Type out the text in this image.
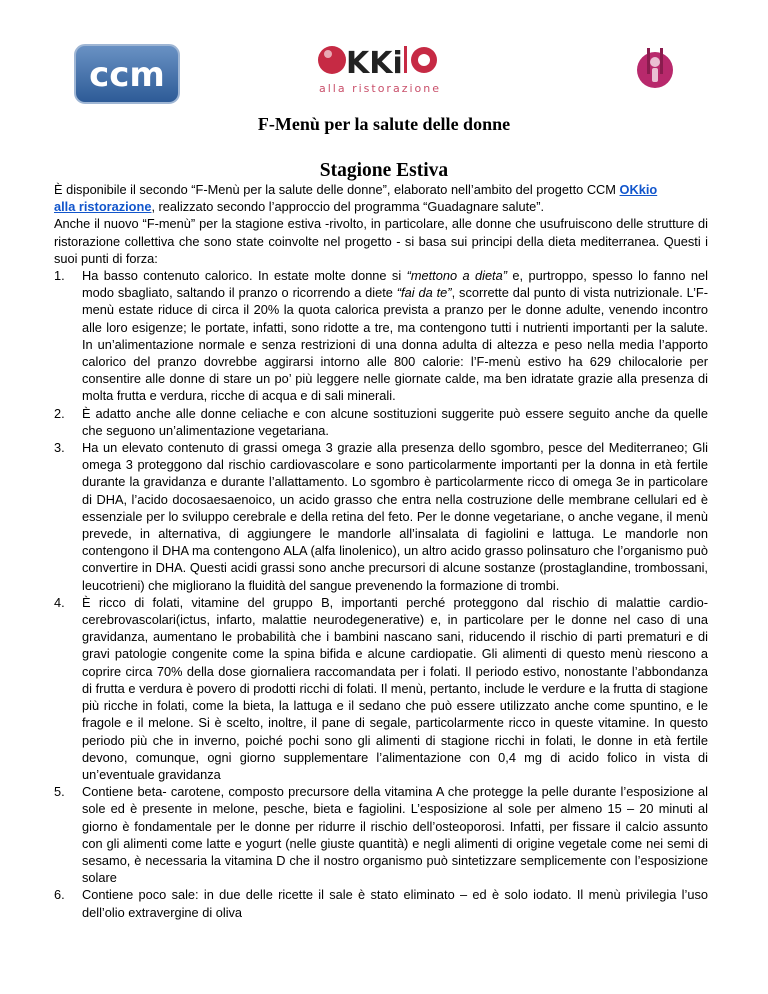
ccm	KKi
alla ristorazione
F-Menù per la salute delle donne
Stagione Estiva

È disponibile il secondo “F-Menù per la salute delle donne”, elaborato nell’ambito del progetto CCM OKkio
alla ristorazione, realizzato secondo l’approccio del programma “Guadagnare salute”.

Anche il nuovo “F-menù” per la stagione estiva -rivolto, in particolare, alle donne che usufruiscono delle strutture di ristorazione collettiva che sono state coinvolte nel progetto - si basa sui principi della dieta mediterranea. Questi i suoi punti di forza:

1. Ha basso contenuto calorico. In estate molte donne si “mettono a dieta” e, purtroppo, spesso lo fanno nel modo sbagliato, saltando il pranzo o ricorrendo a diete “fai da te”, scorrette dal punto di vista nutrizionale. L’F-menù estate riduce di circa il 20% la quota calorica prevista a pranzo per le donne adulte, venendo incontro alle loro esigenze; le portate, infatti, sono ridotte a tre, ma contengono tutti i nutrienti importanti per la salute. In un’alimentazione normale e senza restrizioni di una donna adulta di altezza e peso nella media l’apporto calorico del pranzo dovrebbe aggirarsi intorno alle 800 calorie: l’F-menù estivo ha 629 chilocalorie per consentire alle donne di stare un po’ più leggere nelle giornate calde, ma ben idratate grazie alla presenza di molta frutta e verdura, ricche di acqua e di sali minerali.
2. È adatto anche alle donne celiache e con alcune sostituzioni suggerite può essere seguito anche da quelle che seguono un’alimentazione vegetariana.
3. Ha un elevato contenuto di grassi omega 3 grazie alla presenza dello sgombro, pesce del Mediterraneo; Gli omega 3 proteggono dal rischio cardiovascolare e sono particolarmente importanti per la donna in età fertile durante la gravidanza e durante l’allattamento. Lo sgombro è particolarmente ricco di omega 3e in particolare di DHA, l’acido docosaesaenoico, un acido grasso che entra nella costruzione delle membrane cellulari ed è essenziale per lo sviluppo cerebrale e della retina del feto. Per le donne vegetariane, o anche vegane, il menù prevede, in alternativa, di aggiungere le mandorle all’insalata di fagiolini e lattuga. Le mandorle non contengono il DHA ma contengono ALA (alfa linolenico), un altro acido grasso polinsaturo che l’organismo può convertire in DHA. Questi acidi grassi sono anche precursori di alcune sostanze (prostaglandine, trombossani, leucotrieni) che migliorano la fluidità del sangue prevenendo la formazione di trombi.
4. È ricco di folati, vitamine del gruppo B, importanti perché proteggono dal rischio di malattie cardio-cerebrovascolari(ictus, infarto, malattie neurodegenerative) e, in particolare per le donne nel caso di una gravidanza, aumentano le probabilità che i bambini nascano sani, riducendo il rischio di parti prematuri e di gravi patologie congenite come la spina bifida e alcune cardiopatie. Gli alimenti di questo menù riescono a coprire circa 70% della dose giornaliera raccomandata per i folati. Il periodo estivo, nonostante l’abbondanza di frutta e verdura è povero di prodotti ricchi di folati. Il menù, pertanto, include le verdure e la frutta di stagione più ricche in folati, come la bieta, la lattuga e il sedano che può essere utilizzato anche come spuntino, e le fragole e il melone. Si è scelto, inoltre, il pane di segale, particolarmente ricco in queste vitamine. In questo periodo più che in inverno, poiché pochi sono gli alimenti di stagione ricchi in folati, le donne in età fertile devono, comunque, ogni giorno supplementare l’alimentazione con 0,4 mg di acido folico in vista di un’eventuale gravidanza
5. Contiene beta- carotene, composto precursore della vitamina A che protegge la pelle durante l’esposizione al sole ed è presente in melone, pesche, bieta e fagiolini. L’esposizione al sole per almeno 15 – 20 minuti al giorno è fondamentale per le donne per ridurre il rischio dell’osteoporosi. Infatti, per fissare il calcio assunto con gli alimenti come latte e yogurt (nelle giuste quantità) e negli alimenti di origine vegetale come nei semi di sesamo, è necessaria la vitamina D che il nostro organismo può sintetizzare semplicemente con l’esposizione solare
6. Contiene poco sale: in due delle ricette il sale è stato eliminato – ed è solo iodato. Il menù privilegia l’uso dell’olio extravergine di oliva
